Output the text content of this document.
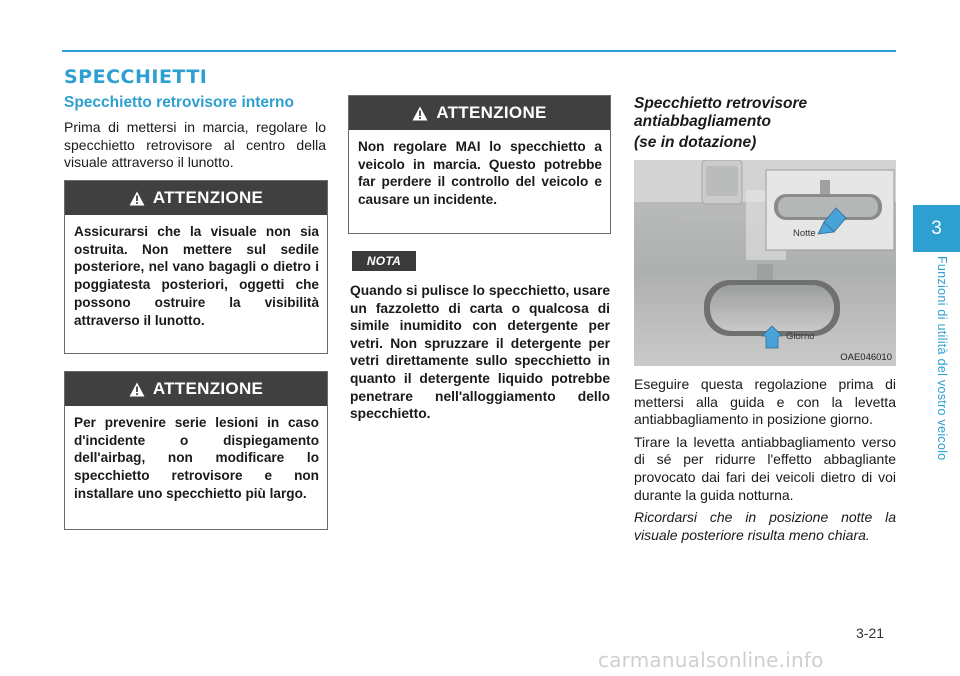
SPECCHIETTI
Specchietto retrovisore interno

Prima di mettersi in marcia, regolare lo specchietto retrovisore al centro della visuale attraverso il lunotto.

ATTENZIONE
Assicurarsi che la visuale non sia ostruita. Non mettere sul sedile posteriore, nel vano bagagli o dietro i poggiatesta posteriori, oggetti che possono ostruire la visibilità attraverso il lunotto.
ATTENZIONE
Per prevenire serie lesioni in caso d'incidente o dispiegamento dell'airbag, non modificare lo specchietto retrovisore e non installare uno specchietto più largo.
ATTENZIONE
Non regolare MAI lo specchietto a veicolo in marcia. Questo potrebbe far perdere il controllo del veicolo e causare un incidente.
NOTA

Quando si pulisce lo specchietto, usare un fazzoletto di carta o qualcosa di simile inumidito con detergente per vetri. Non spruzzare il detergente per vetri direttamente sullo specchietto in quanto il detergente liquido potrebbe penetrare nell'alloggiamento dello specchietto.

Specchietto retrovisore antiabbagliamento
(se in dotazione)
Notte
Giorno
OAE046010

Eseguire questa regolazione prima di mettersi alla guida e con la levetta antiabbagliamento in posizione giorno.

Tirare la levetta antiabbagliamento verso di sé per ridurre l'effetto abbagliante provocato dai fari dei veicoli dietro di voi durante la guida notturna.

Ricordarsi che in posizione notte la visuale posteriore risulta meno chiara.

3
Funzioni di utilità del vostro veicolo
3-21
carmanualsonline.info
